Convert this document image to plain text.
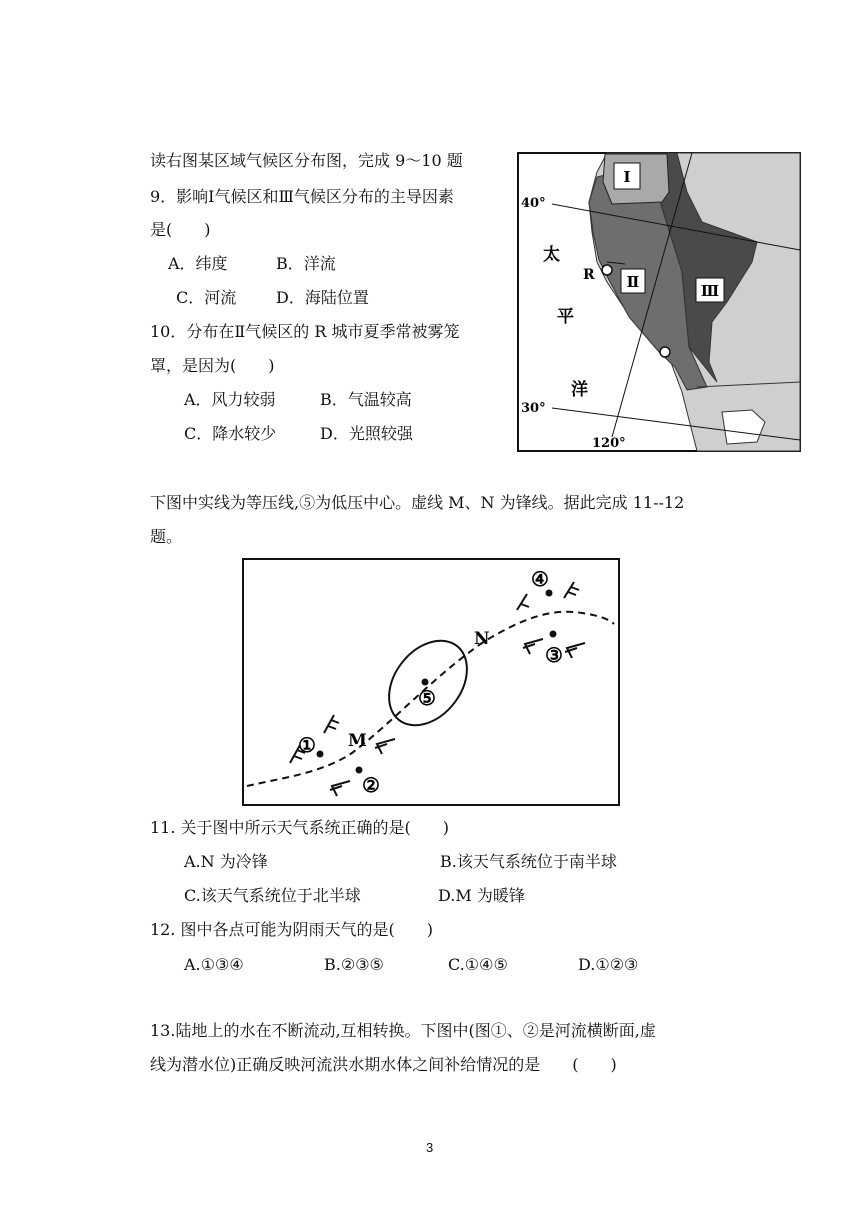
读右图某区域气候区分布图，完成 9～10 题
9．影响Ⅰ气候区和Ⅲ气候区分布的主导因素
是(　　)
A．纬度	B．洋流
C．河流 D．海陆位置
10．分布在Ⅱ气候区的 R 城市夏季常被雾笼
罩，是因为(　　)
A．风力较弱	B．气温较高
C．降水较少	D．光照较强
40°
30°
120°
太
平
洋
R
Ⅰ
Ⅱ	Ⅲ
下图中实线为等压线,⑤为低压中心。虚线 M、N 为锋线。据此完成 11--12
题。
⑤
①
②
③
④
M
N
11. 关于图中所示天气系统正确的是(　　)
A.N 为冷锋	B.该天气系统位于南半球
C.该天气系统位于北半球	D.M 为暖锋
12. 图中各点可能为阴雨天气的是(　　)
A.①③④	B.②③⑤	C.①④⑤	D.①②③
13.陆地上的水在不断流动,互相转换。下图中(图①、②是河流横断面,虚
线为潜水位)正确反映河流洪水期水体之间补给情况的是　　(　　)
3
